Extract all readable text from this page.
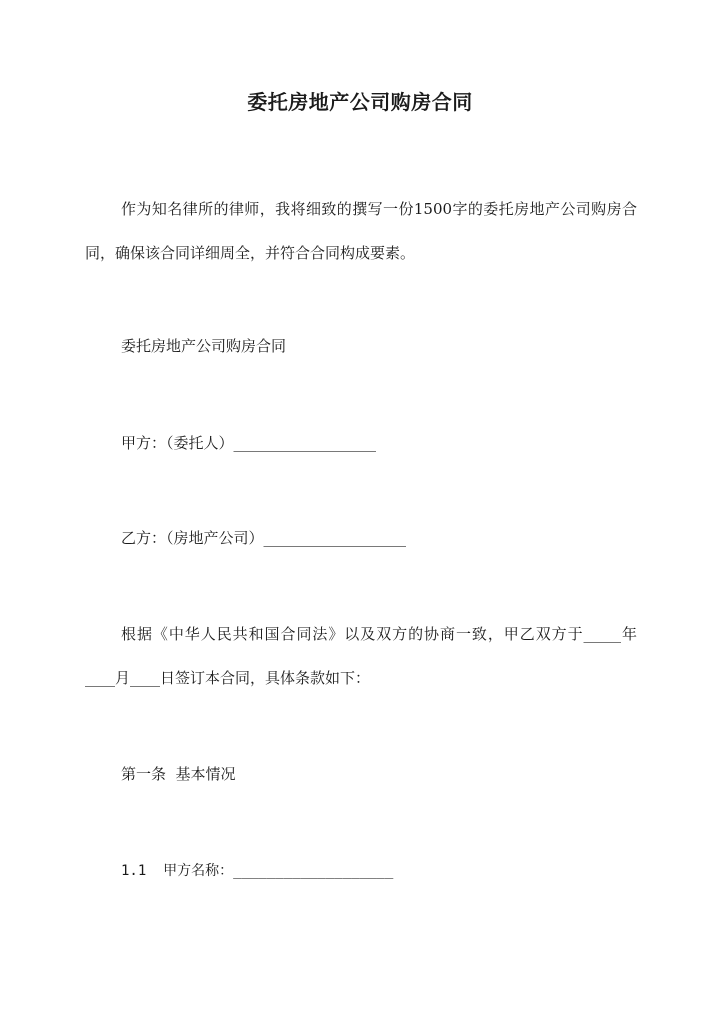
委托房地产公司购房合同
作为知名律所的律师，我将细致的撰写一份1500字的委托房地产公司购房合同，确保该合同详细周全，并符合合同构成要素。
委托房地产公司购房合同
甲方：（委托人）___________________
乙方：（房地产公司）___________________
根据《中华人民共和国合同法》以及双方的协商一致，甲乙双方于_____年____月____日签订本合同，具体条款如下：
第一条  基本情况
1.1  甲方名称：___________________
